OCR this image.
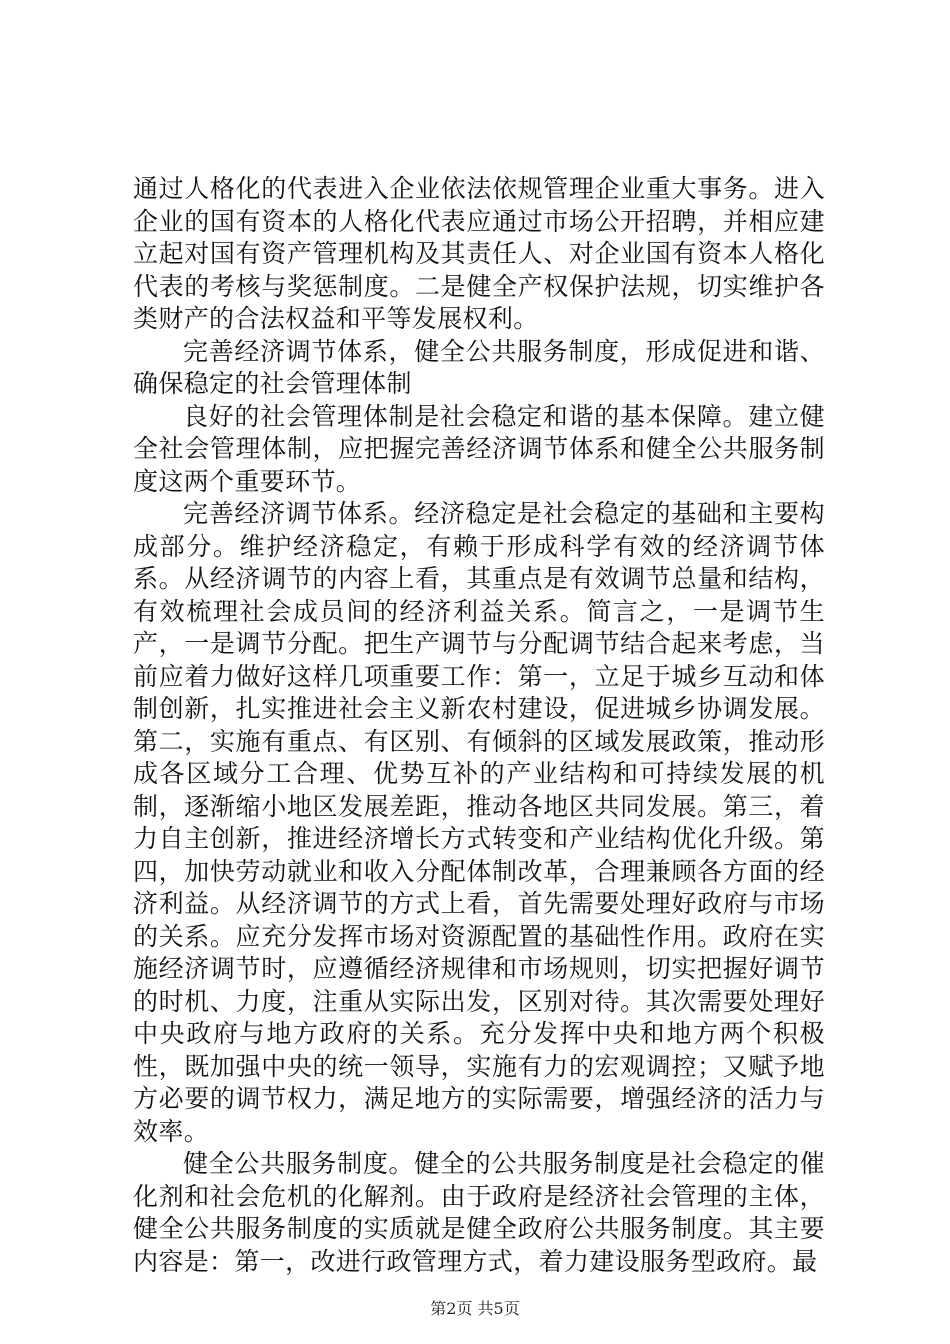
通过人格化的代表进入企业依法依规管理企业重大事务。进入企业的国有资本的人格化代表应通过市场公开招聘，并相应建立起对国有资产管理机构及其责任人、对企业国有资本人格化代表的考核与奖惩制度。二是健全产权保护法规，切实维护各类财产的合法权益和平等发展权利。

完善经济调节体系，健全公共服务制度，形成促进和谐、确保稳定的社会管理体制

良好的社会管理体制是社会稳定和谐的基本保障。建立健全社会管理体制，应把握完善经济调节体系和健全公共服务制度这两个重要环节。

完善经济调节体系。经济稳定是社会稳定的基础和主要构成部分。维护经济稳定，有赖于形成科学有效的经济调节体系。从经济调节的内容上看，其重点是有效调节总量和结构，有效梳理社会成员间的经济利益关系。简言之，一是调节生产，一是调节分配。把生产调节与分配调节结合起来考虑，当前应着力做好这样几项重要工作：第一，立足于城乡互动和体制创新，扎实推进社会主义新农村建设，促进城乡协调发展。第二，实施有重点、有区别、有倾斜的区域发展政策，推动形成各区域分工合理、优势互补的产业结构和可持续发展的机制，逐渐缩小地区发展差距，推动各地区共同发展。第三，着力自主创新，推进经济增长方式转变和产业结构优化升级。第四，加快劳动就业和收入分配体制改革，合理兼顾各方面的经济利益。从经济调节的方式上看，首先需要处理好政府与市场的关系。应充分发挥市场对资源配置的基础性作用。政府在实施经济调节时，应遵循经济规律和市场规则，切实把握好调节的时机、力度，注重从实际出发，区别对待。其次需要处理好中央政府与地方政府的关系。充分发挥中央和地方两个积极性，既加强中央的统一领导，实施有力的宏观调控；又赋予地方必要的调节权力，满足地方的实际需要，增强经济的活力与效率。

健全公共服务制度。健全的公共服务制度是社会稳定的催化剂和社会危机的化解剂。由于政府是经济社会管理的主体，健全公共服务制度的实质就是健全政府公共服务制度。其主要内容是：第一，改进行政管理方式，着力建设服务型政府。最

第2页 共5页
